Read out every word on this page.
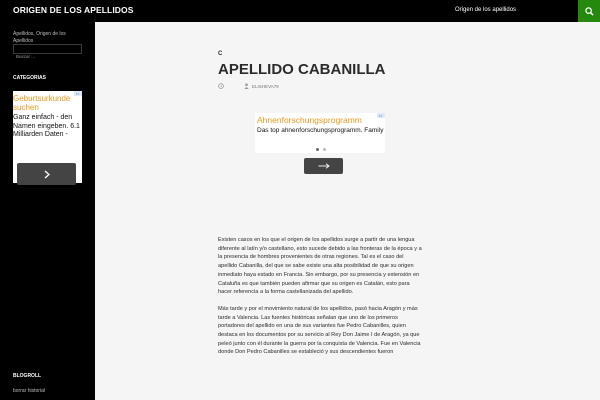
ORIGEN DE LOS APELLIDOS	Origen de los apellidos
Apellidos, Origen de los Apellidos
Buscar ...
CATEGORIAS
i>
Geburtsurkunde suchen
Ganz einfach - den Namen eingeben. 6.1 Milliarden Daten -
BLOGROLL
borrar historial
C
APELLIDO CABANILLA
ELISHEVA79
i>
Ahnenforschungsprogramm
Das top ahnenforschungsprogramm. Family

Existen casos en los que el origen de los apellidos surge a partir de una lengua diferente al latín y/o castellano, esto sucede debido a las fronteras de la época y a la presencia de hombres provenientes de otras regiones. Tal es el caso del apellido Cabanilla, del que se sabe existe una alta posibilidad de que su origen inmediato haya estado en Francia. Sin embargo, por su presencia y extensión en Cataluña es que también pueden afirmar que su origen es Catalán, esto para hacer referencia a la forma castellanizada del apellido.

Más tarde y por el movimiento natural de los apellidos, pasó hacia Aragón y más tarde a Valencia. Las fuentes históricas señalan que uno de los primeros portadores del apellido en una de sus variantes fue Pedro Cabanilles, quien destaca en los documentos por su servicio al Rey Don Jaime I de Aragón, ya que peleó junto con él durante la guerra por la conquista de Valencia. Fue en Valencia donde Don Pedro Cabanilles se estableció y sus descendientes fueron
